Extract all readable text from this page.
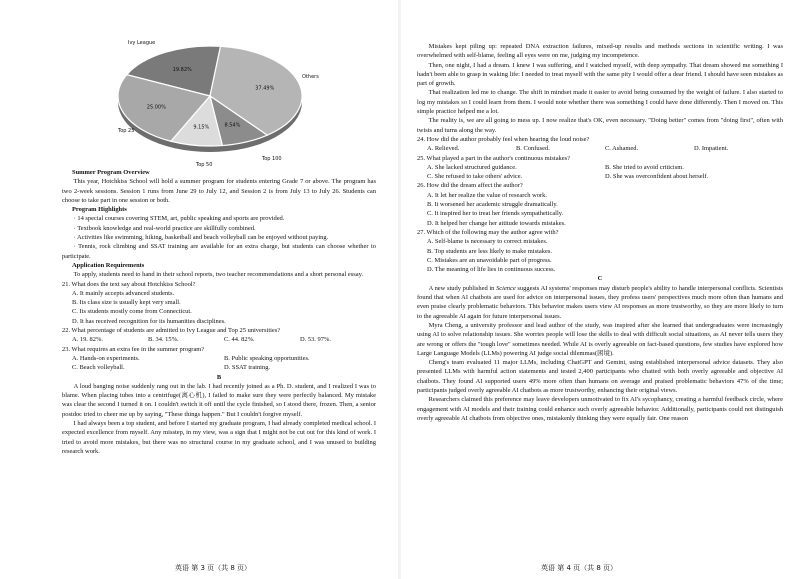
19.82%
Ivy League
37.49%
Others
8.54%
Top 100
9.15%
Top 50
25.00%
Top 25

Summer Program Overview

This year, Hotchkiss School will hold a summer program for students entering Grade 7 or above. The program has two 2-week sessions. Session 1 runs from June 29 to July 12, and Session 2 is from July 13 to July 26. Students can choose to take part in one session or both.

Program Highlights

· 14 special courses covering STEM, art, public speaking and sports are provided.

· Textbook knowledge and real-world practice are skillfully combined.

· Activities like swimming, hiking, basketball and beach volleyball can be enjoyed without paying.

· Tennis, rock climbing and SSAT training are available for an extra charge, but students can choose whether to participate.

Application Requirements

To apply, students need to hand in their school reports, two teacher recommendations and a short personal essay.

21. What does the text say about Hotchkiss School?

A. It mainly accepts advanced students.

B. Its class size is usually kept very small.

C. Its students mostly come from Connecticut.

D. It has received recognition for its humanities disciplines.

22. What percentage of students are admitted to Ivy League and Top 25 universities?

A. 19. 82%.	B. 34. 15%.	C. 44. 82%.	D. 53. 97%.

23. What requires an extra fee in the summer program?

A. Hands-on experiments.	B. Public speaking opportunities.
C. Beach volleyball.	D. SSAT training.

B

A loud banging noise suddenly rang out in the lab. I had recently joined as a Ph. D. student, and I realized I was to blame. When placing tubes into a centrifuge(离心机), I failed to make sure they were perfectly balanced. My mistake was clear the second I turned it on. I couldn't switch it off until the cycle finished, so I stood there, frozen. Then, a senior postdoc tried to cheer me up by saying, "These things happen." But I couldn't forgive myself.

I had always been a top student, and before I started my graduate program, I had already completed medical school. I expected excellence from myself. Any misstep, in my view, was a sign that I might not be cut out for this kind of work. I tried to avoid more mistakes, but there was no structural course in my graduate school, and I was unused to building research work.

英语 第 3 页（共 8 页）

Mistakes kept piling up: repeated DNA extraction failures, mixed-up results and methods sections in scientific writing. I was overwhelmed with self-blame, feeling all eyes were on me, judging my incompetence.

Then, one night, I had a dream. I knew I was suffering, and I watched myself, with deep sympathy. That dream showed me something I hadn't been able to grasp in waking life: I needed to treat myself with the same pity I would offer a dear friend. I should have seen mistakes as part of growth.

That realization led me to change. The shift in mindset made it easier to avoid being consumed by the weight of failure. I also started to log my mistakes so I could learn from them. I would note whether there was something I could have done differently. Then I moved on. This simple practice helped me a lot.

The reality is, we are all going to mess up. I now realize that's OK, even necessary. "Doing better" comes from "doing first", often with twists and turns along the way.

24. How did the author probably feel when hearing the loud noise?

A. Relieved.	B. Confused.	C. Ashamed.	D. Impatient.

25. What played a part in the author's continuous mistakes?

A. She lacked structured guidance.	B. She tried to avoid criticism.
C. She refused to take others' advice.	D. She was overconfident about herself.

26. How did the dream affect the author?

A. It let her realize the value of research work.

B. It worsened her academic struggle dramatically.

C. It inspired her to treat her friends sympathetically.

D. It helped her change her attitude towards mistakes.

27. Which of the following may the author agree with?

A. Self-blame is necessary to correct mistakes.

B. Top students are less likely to make mistakes.

C. Mistakes are an unavoidable part of progress.

D. The meaning of life lies in continuous success.

C

A new study published in Science suggests AI systems' responses may disturb people's ability to handle interpersonal conflicts. Scientists found that when AI chatbots are used for advice on interpersonal issues, they profess users' perspectives much more often than humans and even praise clearly problematic behaviors. This behavior makes users view AI responses as more trustworthy, so they are more likely to turn to the agreeable AI again for future interpersonal issues.

Myra Cheng, a university professor and lead author of the study, was inspired after she learned that undergraduates were increasingly using AI to solve relationship issues. She worries people will lose the skills to deal with difficult social situations, as AI never tells users they are wrong or offers the "tough love" sometimes needed. While AI is overly agreeable on fact-based questions, few studies have explored how Large Language Models (LLMs) powering AI judge social dilemmas(困境).

Cheng's team evaluated 11 major LLMs, including ChatGPT and Gemini, using established interpersonal advice datasets. They also presented LLMs with harmful action statements and tested 2,400 participants who chatted with both overly agreeable and objective AI chatbots. They found AI supported users 49% more often than humans on average and praised problematic behaviors 47% of the time; participants judged overly agreeable AI chatbots as more trustworthy, enhancing their original views.

Researchers claimed this preference may leave developers unmotivated to fix AI's sycophancy, creating a harmful feedback circle, where engagement with AI models and their training could enhance such overly agreeable behavior. Additionally, participants could not distinguish overly agreeable AI chatbots from objective ones, mistakenly thinking they were equally fair. One reason

英语 第 4 页（共 8 页）
